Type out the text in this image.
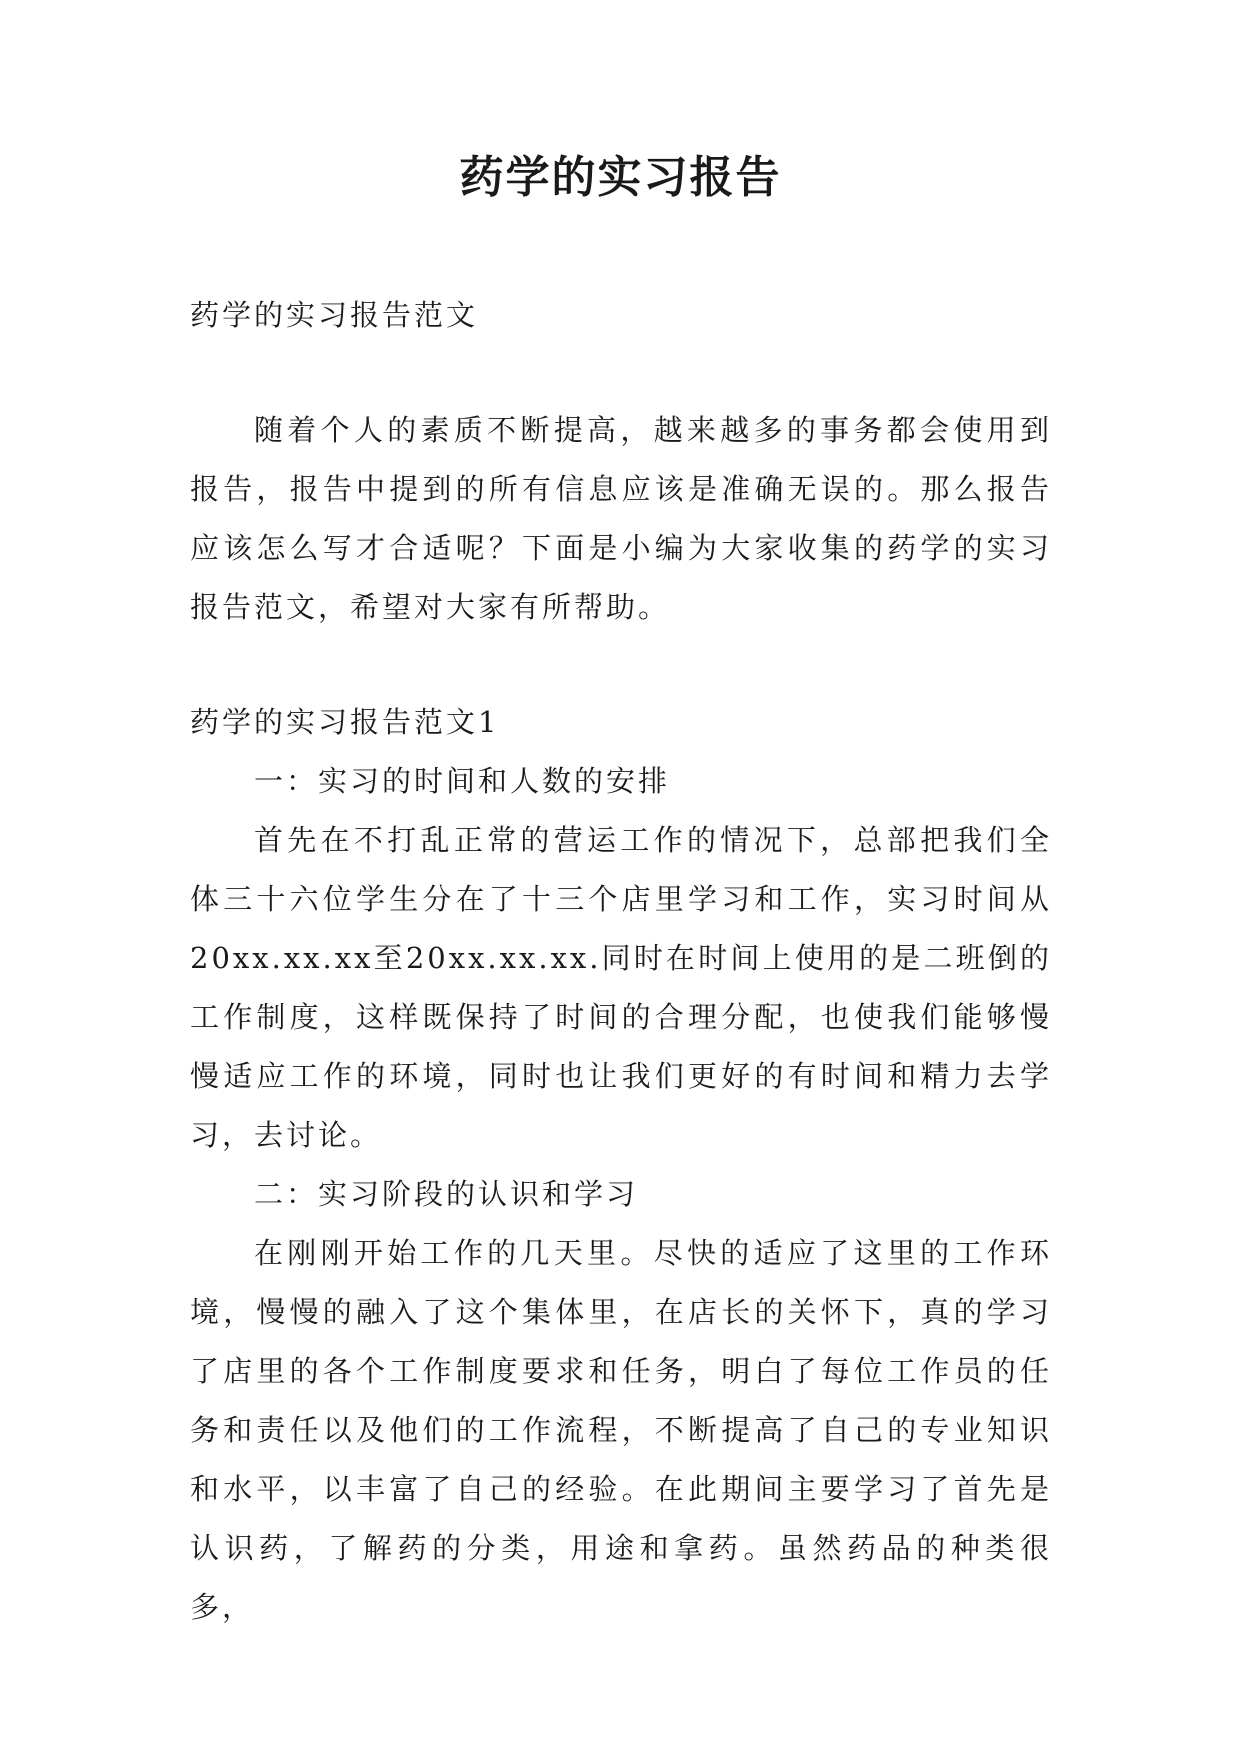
药学的实习报告

药学的实习报告范文

随着个人的素质不断提高，越来越多的事务都会使用到报告，报告中提到的所有信息应该是准确无误的。那么报告应该怎么写才合适呢？下面是小编为大家收集的药学的实习报告范文，希望对大家有所帮助。

药学的实习报告范文1

一：实习的时间和人数的安排

首先在不打乱正常的营运工作的情况下，总部把我们全体三十六位学生分在了十三个店里学习和工作，实习时间从20xx.xx.xx至20xx.xx.xx.同时在时间上使用的是二班倒的工作制度，这样既保持了时间的合理分配，也使我们能够慢慢适应工作的环境，同时也让我们更好的有时间和精力去学习，去讨论。

二：实习阶段的认识和学习

在刚刚开始工作的几天里。尽快的适应了这里的工作环境，慢慢的融入了这个集体里，在店长的关怀下，真的学习了店里的各个工作制度要求和任务，明白了每位工作员的任务和责任以及他们的工作流程，不断提高了自己的专业知识和水平，以丰富了自己的经验。在此期间主要学习了首先是认识药，了解药的分类，用途和拿药。虽然药品的种类很多，
